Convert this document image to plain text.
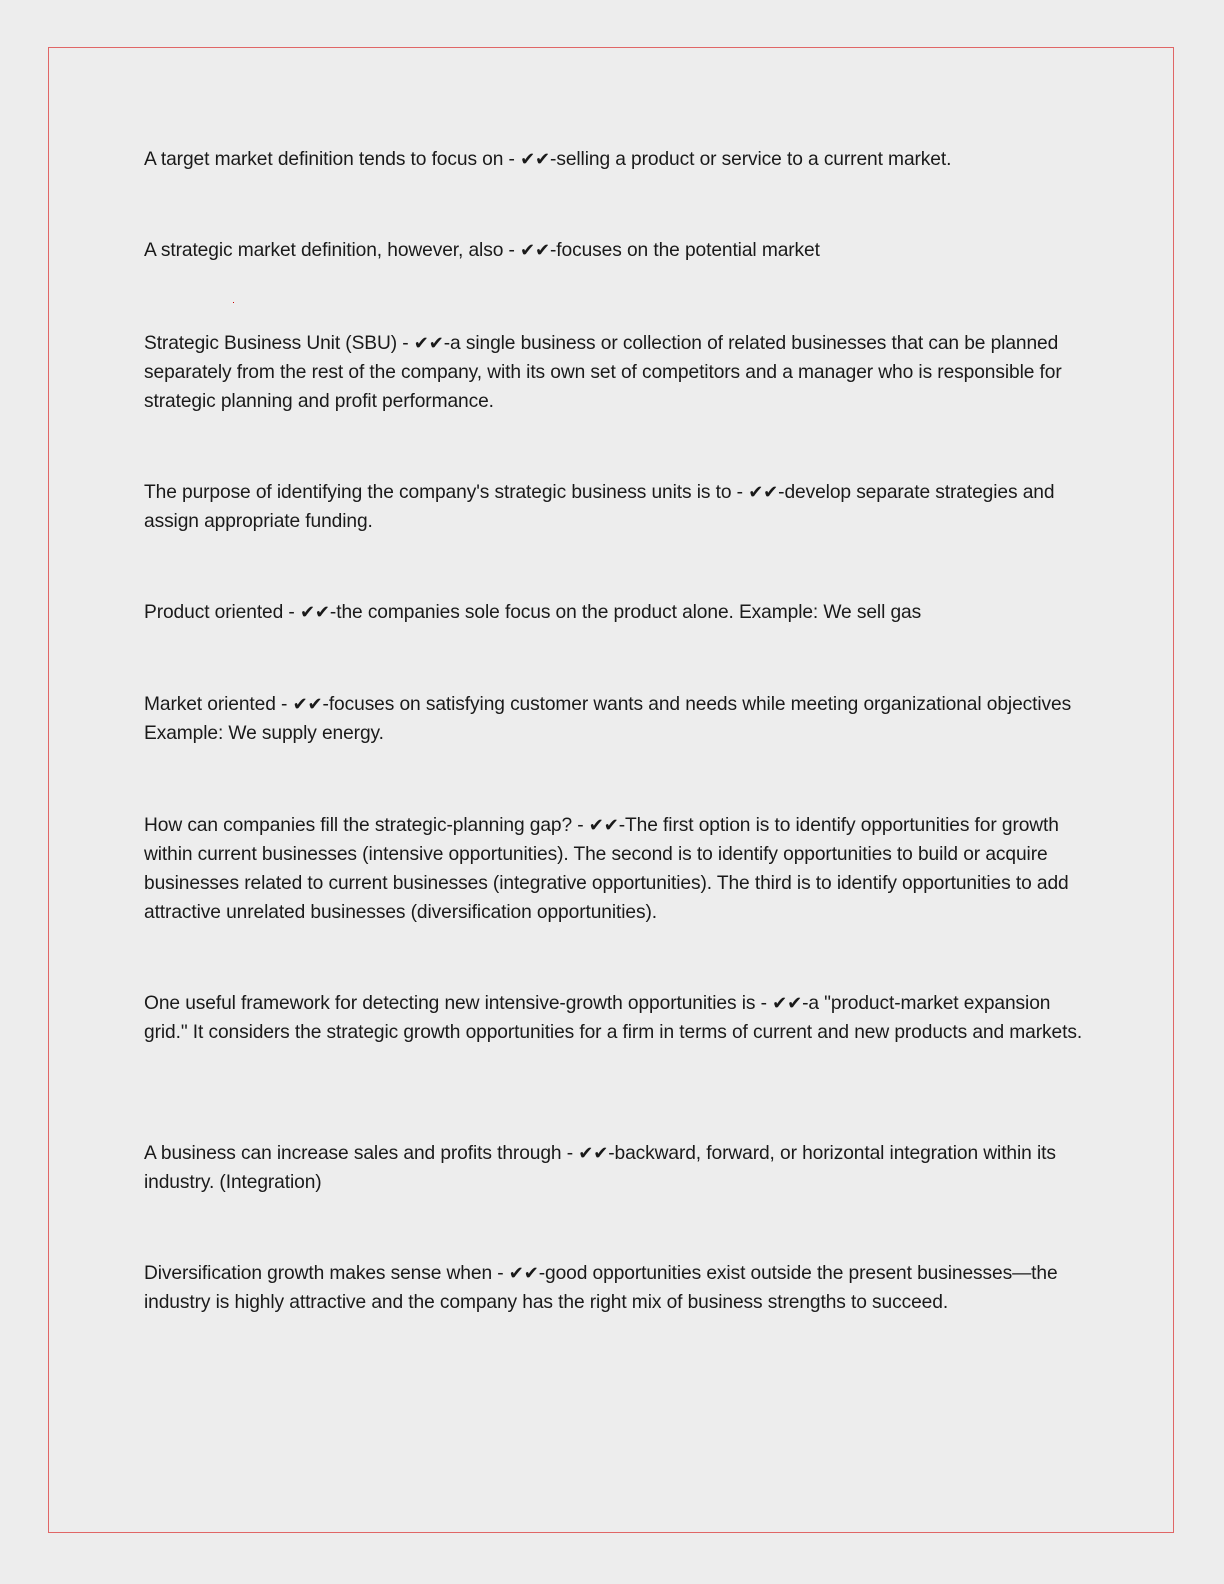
A target market definition tends to focus on - ✔✔-selling a product or service to a current market.

A strategic market definition, however, also - ✔✔-focuses on the potential market

Strategic Business Unit (SBU) - ✔✔-a single business or collection of related businesses that can be planned separately from the rest of the company, with its own set of competitors and a manager who is responsible for strategic planning and profit performance.

The purpose of identifying the company's strategic business units is to - ✔✔-develop separate strategies and assign appropriate funding.

Product oriented - ✔✔-the companies sole focus on the product alone. Example: We sell gas

Market oriented - ✔✔-focuses on satisfying customer wants and needs while meeting organizational objectives Example: We supply energy.

How can companies fill the strategic-planning gap? - ✔✔-The first option is to identify opportunities for growth within current businesses (intensive opportunities). The second is to identify opportunities to build or acquire businesses related to current businesses (integrative opportunities). The third is to identify opportunities to add attractive unrelated businesses (diversification opportunities).

One useful framework for detecting new intensive-growth opportunities is - ✔✔-a "product-market expansion grid." It considers the strategic growth opportunities for a firm in terms of current and new products and markets.

A business can increase sales and profits through - ✔✔-backward, forward, or horizontal integration within its industry. (Integration)

Diversification growth makes sense when - ✔✔-good opportunities exist outside the present businesses—the industry is highly attractive and the company has the right mix of business strengths to succeed.
